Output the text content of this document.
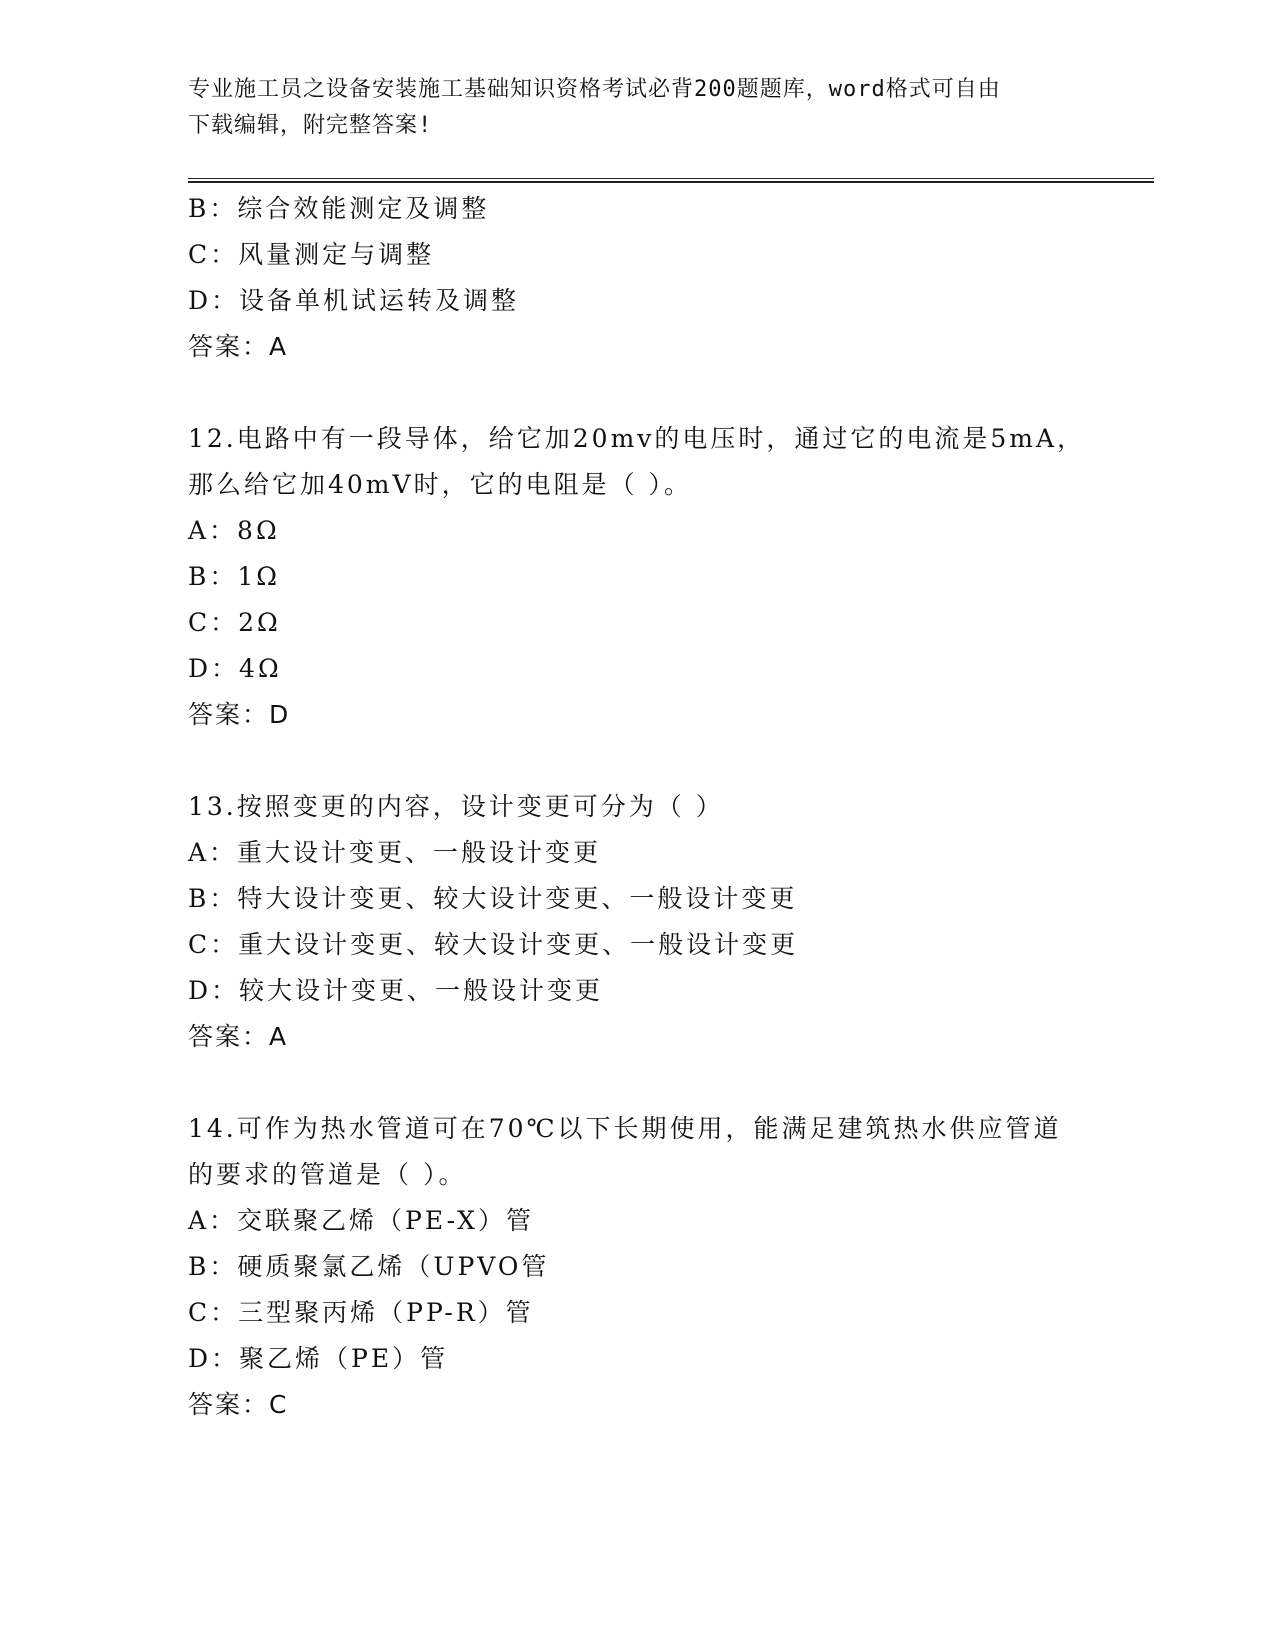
专业施工员之设备安装施工基础知识资格考试必背200题题库，word格式可自由
下载编辑，附完整答案!
B：综合效能测定及调整
C：风量测定与调整
D：设备单机试运转及调整
答案：A
12.电路中有一段导体，给它加20mv的电压时，通过它的电流是5mA，
那么给它加40mV时，它的电阻是（ ）。
A：8Ω
B：1Ω
C：2Ω
D：4Ω
答案：D
13.按照变更的内容，设计变更可分为（ ）
A：重大设计变更、一般设计变更
B：特大设计变更、较大设计变更、一般设计变更
C：重大设计变更、较大设计变更、一般设计变更
D：较大设计变更、一般设计变更
答案：A
14.可作为热水管道可在70℃以下长期使用，能满足建筑热水供应管道
的要求的管道是（ ）。
A：交联聚乙烯（PE-X）管
B：硬质聚氯乙烯（UPVO管
C：三型聚丙烯（PP-R）管
D：聚乙烯（PE）管
答案：C
